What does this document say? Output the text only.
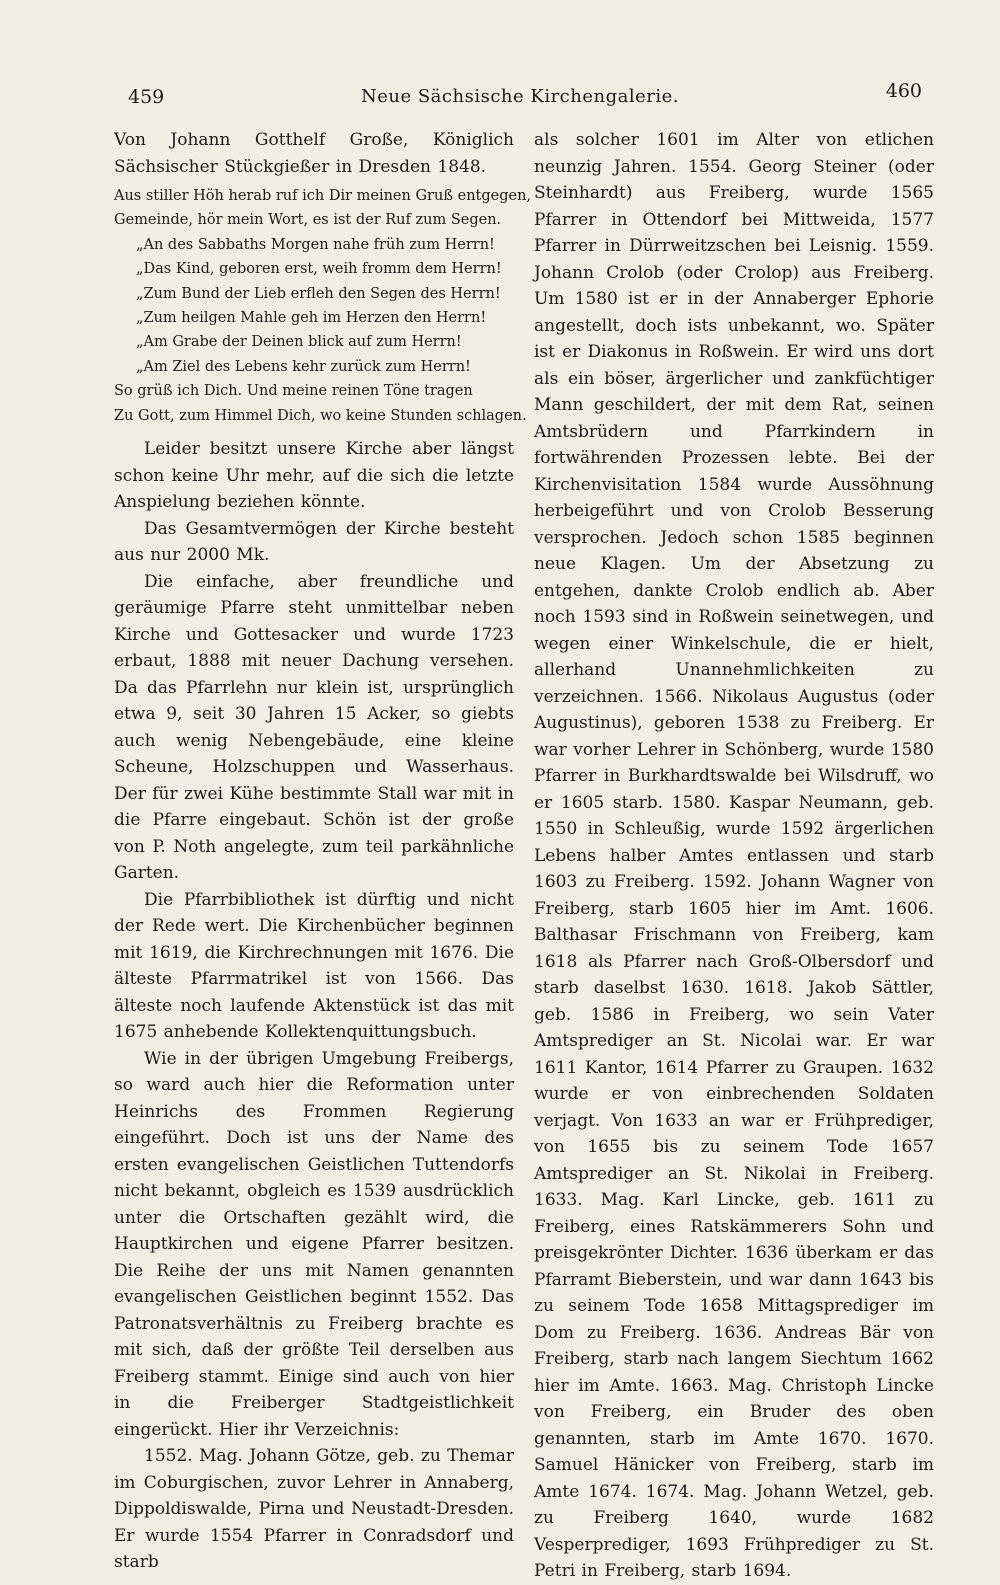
459	Neue Sächsische Kirchengalerie.	460

Von Johann Gotthelf Große, Königlich Sächsischer Stückgießer in Dresden 1848.

Aus stiller Höh herab ruf ich Dir meinen Gruß entgegen,
Gemeinde, hör mein Wort, es ist der Ruf zum Segen.
„An des Sabbaths Morgen nahe früh zum Herrn!
„Das Kind, geboren erst, weih fromm dem Herrn!
„Zum Bund der Lieb erfleh den Segen des Herrn!
„Zum heilgen Mahle geh im Herzen den Herrn!
„Am Grabe der Deinen blick auf zum Herrn!
„Am Ziel des Lebens kehr zurück zum Herrn!
So grüß ich Dich. Und meine reinen Töne tragen
Zu Gott, zum Himmel Dich, wo keine Stunden schlagen.

Leider besitzt unsere Kirche aber längst schon keine Uhr mehr, auf die sich die letzte Anspielung beziehen könnte.

Das Gesamtvermögen der Kirche besteht aus nur 2000 Mk.

Die einfache, aber freundliche und geräumige Pfarre steht unmittelbar neben Kirche und Gottesacker und wurde 1723 erbaut, 1888 mit neuer Dachung versehen. Da das Pfarrlehn nur klein ist, ursprünglich etwa 9, seit 30 Jahren 15 Acker, so giebts auch wenig Nebengebäude, eine kleine Scheune, Holzschuppen und Wasserhaus. Der für zwei Kühe bestimmte Stall war mit in die Pfarre eingebaut. Schön ist der große von P. Noth angelegte, zum teil parkähnliche Garten.

Die Pfarrbibliothek ist dürftig und nicht der Rede wert. Die Kirchenbücher beginnen mit 1619, die Kirchrechnungen mit 1676. Die älteste Pfarrmatrikel ist von 1566. Das älteste noch laufende Aktenstück ist das mit 1675 anhebende Kollektenquittungsbuch.

Wie in der übrigen Umgebung Freibergs, so ward auch hier die Reformation unter Heinrichs des Frommen Regierung eingeführt. Doch ist uns der Name des ersten evangelischen Geistlichen Tuttendorfs nicht bekannt, obgleich es 1539 ausdrücklich unter die Ortschaften gezählt wird, die Hauptkirchen und eigene Pfarrer besitzen. Die Reihe der uns mit Namen genannten evangelischen Geistlichen beginnt 1552. Das Patronatsverhältnis zu Freiberg brachte es mit sich, daß der größte Teil derselben aus Freiberg stammt. Einige sind auch von hier in die Freiberger Stadtgeistlichkeit eingerückt. Hier ihr Verzeichnis:

1552. Mag. Johann Götze, geb. zu Themar im Coburgischen, zuvor Lehrer in Annaberg, Dippoldiswalde, Pirna und Neustadt-Dresden. Er wurde 1554 Pfarrer in Conradsdorf und starb

als solcher 1601 im Alter von etlichen neunzig Jahren. 1554. Georg Steiner (oder Steinhardt) aus Freiberg, wurde 1565 Pfarrer in Ottendorf bei Mittweida, 1577 Pfarrer in Dürrweitzschen bei Leisnig. 1559. Johann Crolob (oder Crolop) aus Freiberg. Um 1580 ist er in der Annaberger Ephorie angestellt, doch ists unbekannt, wo. Später ist er Diakonus in Roßwein. Er wird uns dort als ein böser, ärgerlicher und zankfüchtiger Mann geschildert, der mit dem Rat, seinen Amtsbrüdern und Pfarrkindern in fortwährenden Prozessen lebte. Bei der Kirchenvisitation 1584 wurde Aussöhnung herbeigeführt und von Crolob Besserung versprochen. Jedoch schon 1585 beginnen neue Klagen. Um der Absetzung zu entgehen, dankte Crolob endlich ab. Aber noch 1593 sind in Roßwein seinetwegen, und wegen einer Winkelschule, die er hielt, allerhand Unannehmlichkeiten zu verzeichnen. 1566. Nikolaus Augustus (oder Augustinus), geboren 1538 zu Freiberg. Er war vorher Lehrer in Schönberg, wurde 1580 Pfarrer in Burkhardtswalde bei Wilsdruff, wo er 1605 starb. 1580. Kaspar Neumann, geb. 1550 in Schleußig, wurde 1592 ärgerlichen Lebens halber Amtes entlassen und starb 1603 zu Freiberg. 1592. Johann Wagner von Freiberg, starb 1605 hier im Amt. 1606. Balthasar Frischmann von Freiberg, kam 1618 als Pfarrer nach Groß-Olbersdorf und starb daselbst 1630. 1618. Jakob Sättler, geb. 1586 in Freiberg, wo sein Vater Amtsprediger an St. Nicolai war. Er war 1611 Kantor, 1614 Pfarrer zu Graupen. 1632 wurde er von einbrechenden Soldaten verjagt. Von 1633 an war er Frühprediger, von 1655 bis zu seinem Tode 1657 Amtsprediger an St. Nikolai in Freiberg. 1633. Mag. Karl Lincke, geb. 1611 zu Freiberg, eines Ratskämmerers Sohn und preisgekrönter Dichter. 1636 überkam er das Pfarramt Bieberstein, und war dann 1643 bis zu seinem Tode 1658 Mittagsprediger im Dom zu Freiberg. 1636. Andreas Bär von Freiberg, starb nach langem Siechtum 1662 hier im Amte. 1663. Mag. Christoph Lincke von Freiberg, ein Bruder des oben genannten, starb im Amte 1670. 1670. Samuel Hänicker von Freiberg, starb im Amte 1674. 1674. Mag. Johann Wetzel, geb. zu Freiberg 1640, wurde 1682 Vesperprediger, 1693 Frühprediger zu St. Petri in Freiberg, starb 1694.
